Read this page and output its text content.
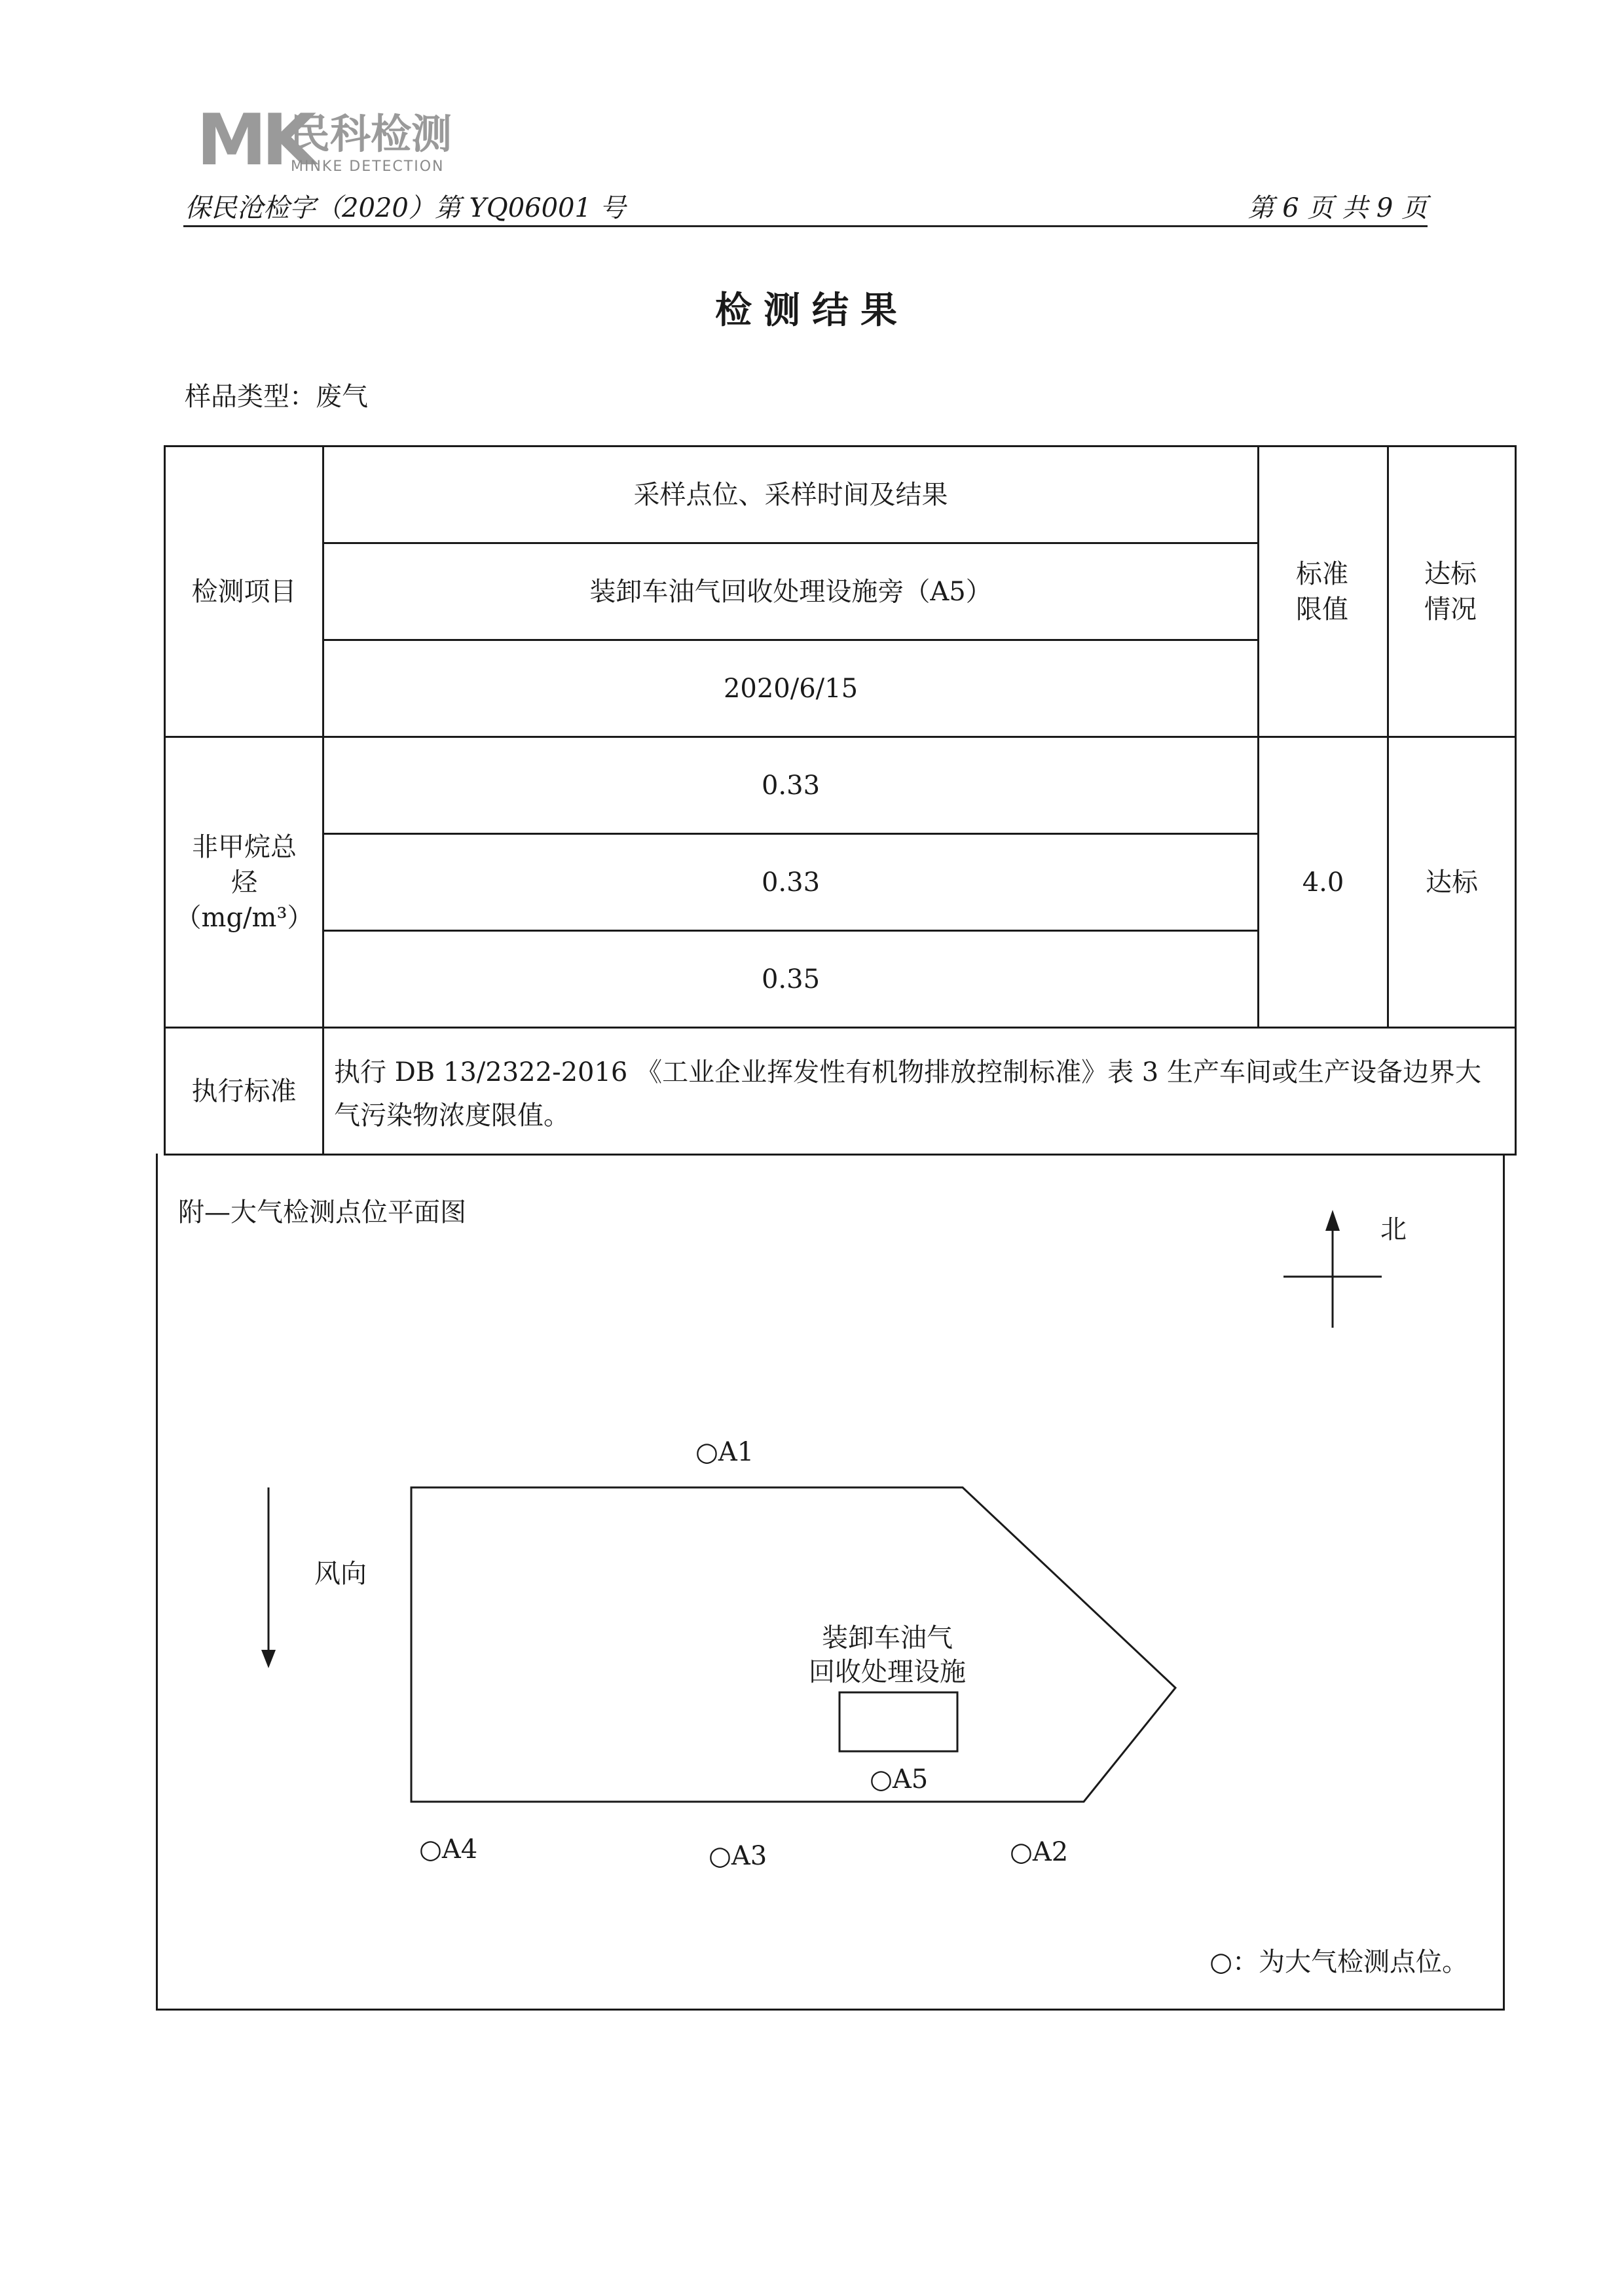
MK
民科检测
MINKE DETECTION
保民沧检字（2020）第 YQ06001 号	第 6 页 共 9 页
检测结果
样品类型：废气
检测项目
采样点位、采样时间及结果
装卸车油气回收处理设施旁（A5）
2020/6/15
标准限值
达标情况
非甲烷总烃
（mg/m³）
0.33
0.33
0.35
4.0	达标
执行标准
执行 DB 13/2322-2016 《工业企业挥发性有机物排放控制标准》表 3 生产车间或生产设备边界大气污染物浓度限值。
附—大气检测点位平面图
北
风向
装卸车油气
回收处理设施
○A1
○A2
○A3
○A4
○A5
○：为大气检测点位。
